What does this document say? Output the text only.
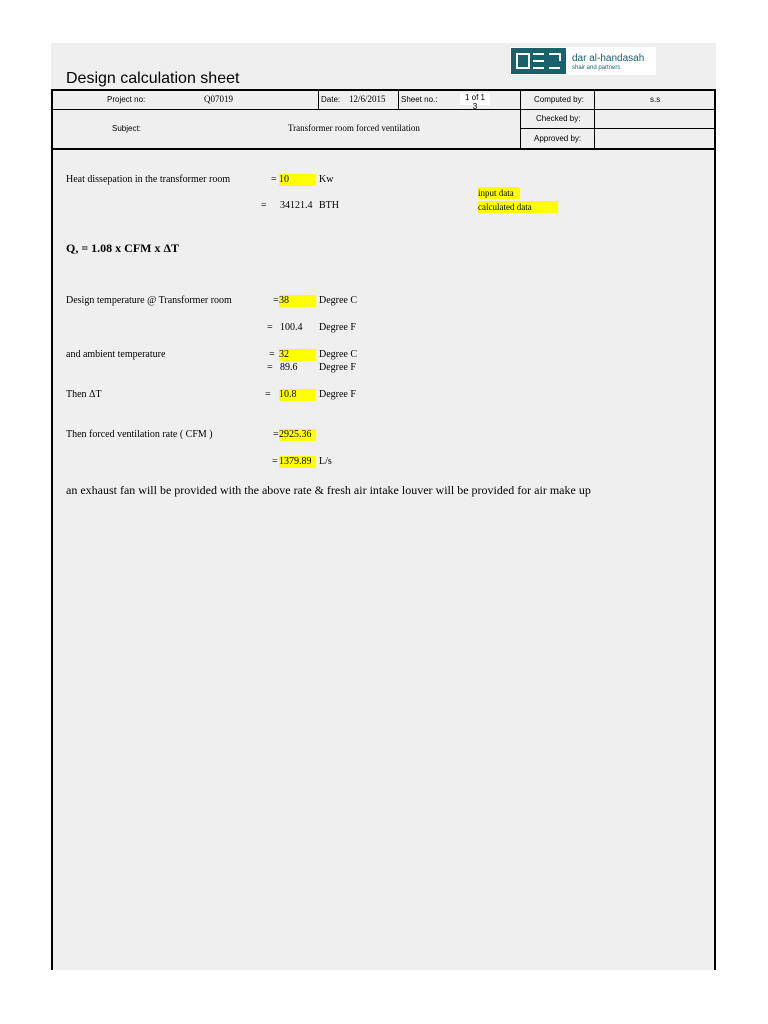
Design calculation sheet
dar al-handasah
shair and partners
Project no:	Q07019	Date: 12/6/2015 Sheet no.:	1 of 1
3
Computed by:	s.s
Subject:	Transformer room forced ventilation
Checked by:
Approved by:
input data
calculated data
Heat dissepation in the transformer room	= 10	Kw
= 34121.4 BTH
Q, = 1.08 x CFM x ΔT
Design temperature @ Transformer room	= 38	Degree C
= 100.4 Degree F
and ambient temperature	= 32	Degree C
= 89.6 Degree F
Then ΔT	= 10.8	Degree F
Then forced ventilation rate ( CFM )	= 2925.36
= 1379.89 L/s
an exhaust fan will be provided with the above rate & fresh air intake louver will be provided for air make up
